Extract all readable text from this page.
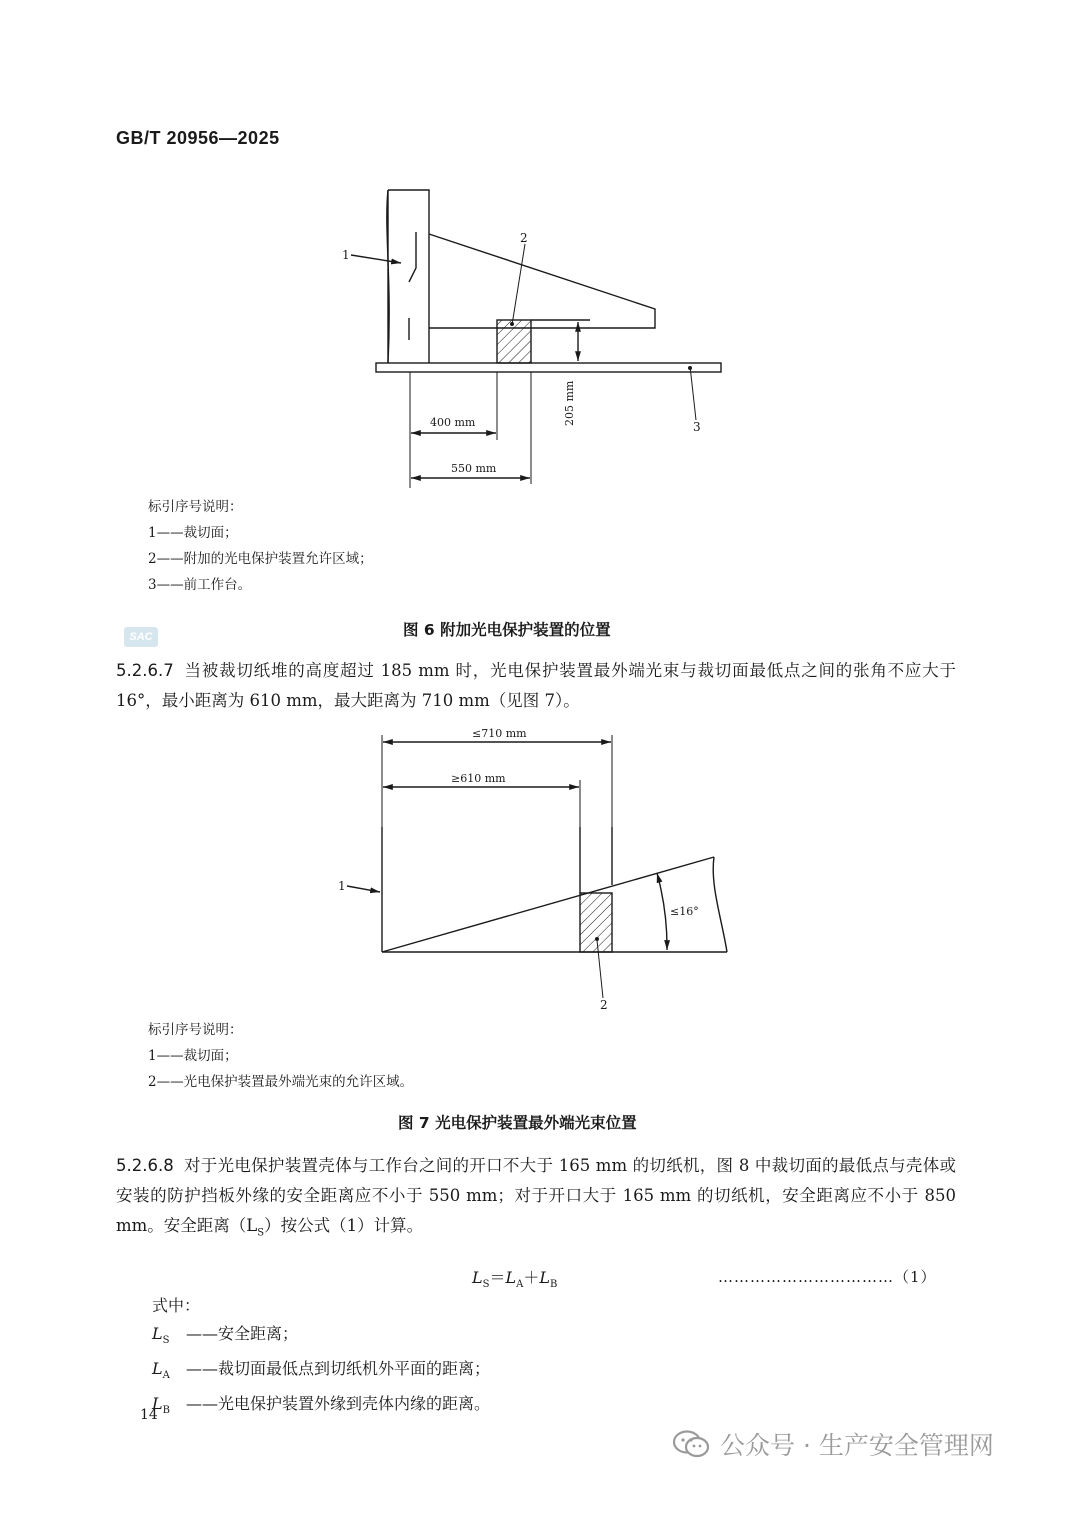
GB/T 20956—2025
1
2
3
400 mm
550 mm
205 mm
1
2
≤710 mm
≥610 mm
≤16°
标引序号说明：
1——裁切面；
2——附加的光电保护装置允许区域；
3——前工作台。
SAC	图 6 附加光电保护装置的位置
5.2.6.7 当被裁切纸堆的高度超过 185 mm 时，光电保护装置最外端光束与裁切面最低点之间的张角不应大于 16°，最小距离为 610 mm，最大距离为 710 mm（见图 7）。
标引序号说明：
1——裁切面；
2——光电保护装置最外端光束的允许区域。
图 7 光电保护装置最外端光束位置
5.2.6.8 对于光电保护装置壳体与工作台之间的开口不大于 165 mm 的切纸机，图 8 中裁切面的最低点与壳体或安装的防护挡板外缘的安全距离应不小于 550 mm；对于开口大于 165 mm 的切纸机，安全距离应不小于 850 mm。安全距离$(L_S)$按公式（1）计算。
$L_S=L_A+L_B$	……………………………（1）
式中：
$L_S$ ——安全距离；
$L_A$ ——裁切面最低点到切纸机外平面的距离；
$L_B$ ——光电保护装置外缘到壳体内缘的距离。
14
公众号 · 生产安全管理网
